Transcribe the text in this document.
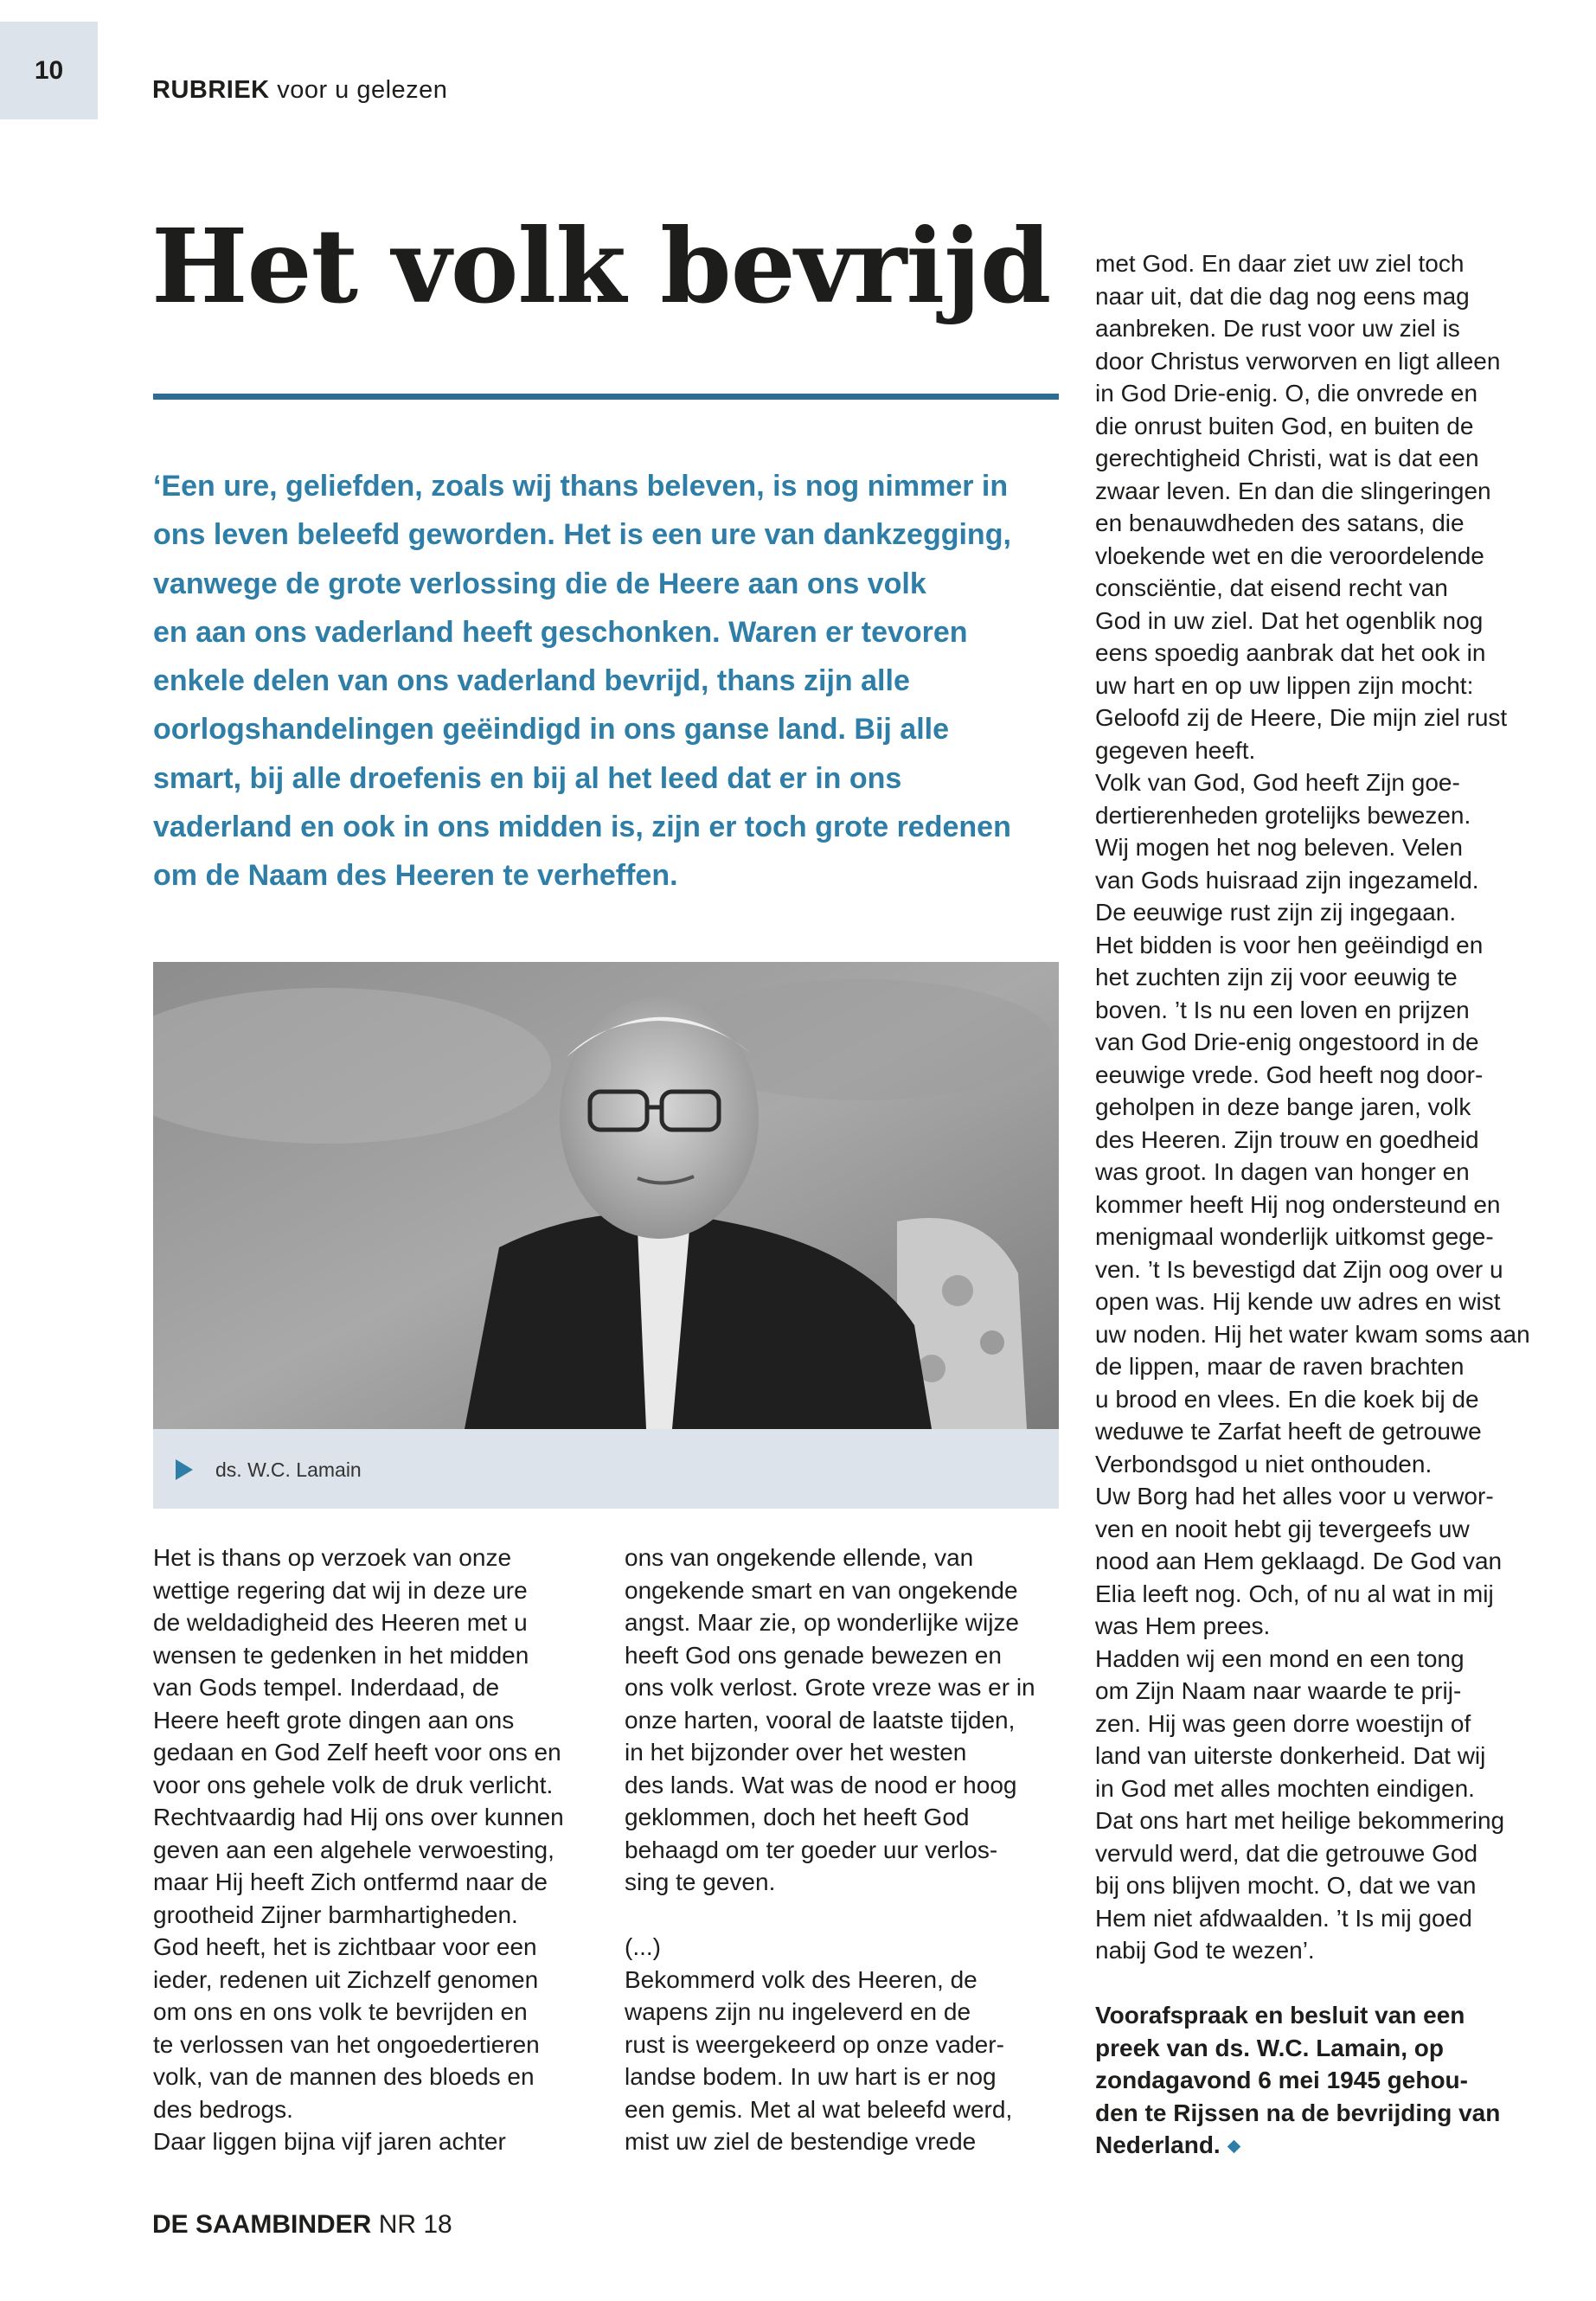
10
RUBRIEK voor u gelezen
Het volk bevrijd

‘Een ure, geliefden, zoals wij thans beleven, is nog nimmer in
ons leven beleefd geworden. Het is een ure van dankzegging,
vanwege de grote verlossing die de Heere aan ons volk
en aan ons vaderland heeft geschonken. Waren er tevoren
enkele delen van ons vaderland bevrijd, thans zijn alle
oorlogshandelingen geëindigd in ons ganse land. Bij alle
smart, bij alle droefenis en bij al het leed dat er in ons
vaderland en ook in ons midden is, zijn er toch grote redenen
om de Naam des Heeren te verheffen.

ds. W.C. Lamain

Het is thans op verzoek van onze
wettige regering dat wij in deze ure
de weldadigheid des Heeren met u
wensen te gedenken in het midden
van Gods tempel. Inderdaad, de
Heere heeft grote dingen aan ons
gedaan en God Zelf heeft voor ons en
voor ons gehele volk de druk verlicht.
Rechtvaardig had Hij ons over kunnen
geven aan een algehele verwoesting,
maar Hij heeft Zich ontfermd naar de
grootheid Zijner barmhartigheden.
God heeft, het is zichtbaar voor een
ieder, redenen uit Zichzelf genomen
om ons en ons volk te bevrijden en
te verlossen van het ongoedertieren
volk, van de mannen des bloeds en
des bedrogs.
Daar liggen bijna vijf jaren achter

ons van ongekende ellende, van
ongekende smart en van ongekende
angst. Maar zie, op wonderlijke wijze
heeft God ons genade bewezen en
ons volk verlost. Grote vreze was er in
onze harten, vooral de laatste tijden,
in het bijzonder over het westen
des lands. Wat was de nood er hoog
geklommen, doch het heeft God
behaagd om ter goeder uur verlos-
sing te geven.
(...)
Bekommerd volk des Heeren, de
wapens zijn nu ingeleverd en de
rust is weergekeerd op onze vader-
landse bodem. In uw hart is er nog
een gemis. Met al wat beleefd werd,
mist uw ziel de bestendige vrede

met God. En daar ziet uw ziel toch
naar uit, dat die dag nog eens mag
aanbreken. De rust voor uw ziel is
door Christus verworven en ligt alleen
in God Drie-enig. O, die onvrede en
die onrust buiten God, en buiten de
gerechtigheid Christi, wat is dat een
zwaar leven. En dan die slingeringen
en benauwdheden des satans, die
vloekende wet en die veroordelende
consciëntie, dat eisend recht van
God in uw ziel. Dat het ogenblik nog
eens spoedig aanbrak dat het ook in
uw hart en op uw lippen zijn mocht:
Geloofd zij de Heere, Die mijn ziel rust
gegeven heeft.
Volk van God, God heeft Zijn goe-
dertierenheden grotelijks bewezen.
Wij mogen het nog beleven. Velen
van Gods huisraad zijn ingezameld.
De eeuwige rust zijn zij ingegaan.
Het bidden is voor hen geëindigd en
het zuchten zijn zij voor eeuwig te
boven. ’t Is nu een loven en prijzen
van God Drie-enig ongestoord in de
eeuwige vrede. God heeft nog door-
geholpen in deze bange jaren, volk
des Heeren. Zijn trouw en goedheid
was groot. In dagen van honger en
kommer heeft Hij nog ondersteund en
menigmaal wonderlijk uitkomst gege-
ven. ’t Is bevestigd dat Zijn oog over u
open was. Hij kende uw adres en wist
uw noden. Hij het water kwam soms aan
de lippen, maar de raven brachten
u brood en vlees. En die koek bij de
weduwe te Zarfat heeft de getrouwe
Verbondsgod u niet onthouden.
Uw Borg had het alles voor u verwor-
ven en nooit hebt gij tevergeefs uw
nood aan Hem geklaagd. De God van
Elia leeft nog. Och, of nu al wat in mij
was Hem prees.
Hadden wij een mond en een tong
om Zijn Naam naar waarde te prij-
zen. Hij was geen dorre woestijn of
land van uiterste donkerheid. Dat wij
in God met alles mochten eindigen.
Dat ons hart met heilige bekommering
vervuld werd, dat die getrouwe God
bij ons blijven mocht. O, dat we van
Hem niet afdwaalden. ’t Is mij goed
nabij God te wezen’.
Voorafspraak en besluit van een
preek van ds. W.C. Lamain, op
zondagavond 6 mei 1945 gehou-
den te Rijssen na de bevrijding van
Nederland.

DE SAAMBINDER NR 18
